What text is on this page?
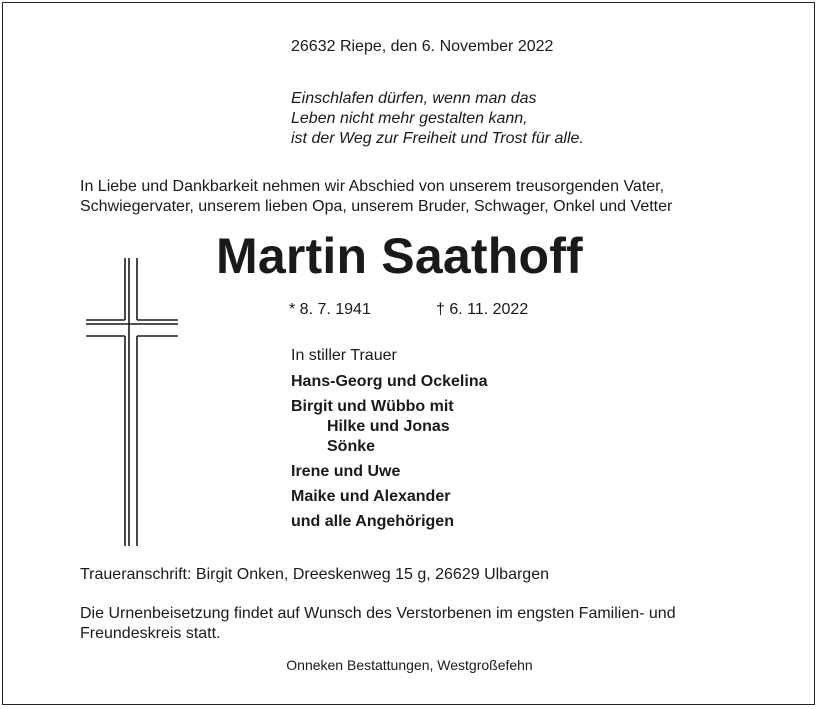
26632 Riepe, den 6. November 2022
Einschlafen dürfen, wenn man das
Leben nicht mehr gestalten kann,
ist der Weg zur Freiheit und Trost für alle.
In Liebe und Dankbarkeit nehmen wir Abschied von unserem treusorgenden Vater,
Schwiegervater, unserem lieben Opa, unserem Bruder, Schwager, Onkel und Vetter
Martin Saathoff
* 8. 7. 1941	† 6. 11. 2022
In stiller Trauer
Hans-Georg und Ockelina
Birgit und Wübbo mit
Hilke und Jonas
Sönke
Irene und Uwe
Maike und Alexander
und alle Angehörigen
Traueranschrift: Birgit Onken, Dreeskenweg 15 g, 26629 Ulbargen
Die Urnenbeisetzung findet auf Wunsch des Verstorbenen im engsten Familien- und
Freundeskreis statt.
Onneken Bestattungen, Westgroßefehn
